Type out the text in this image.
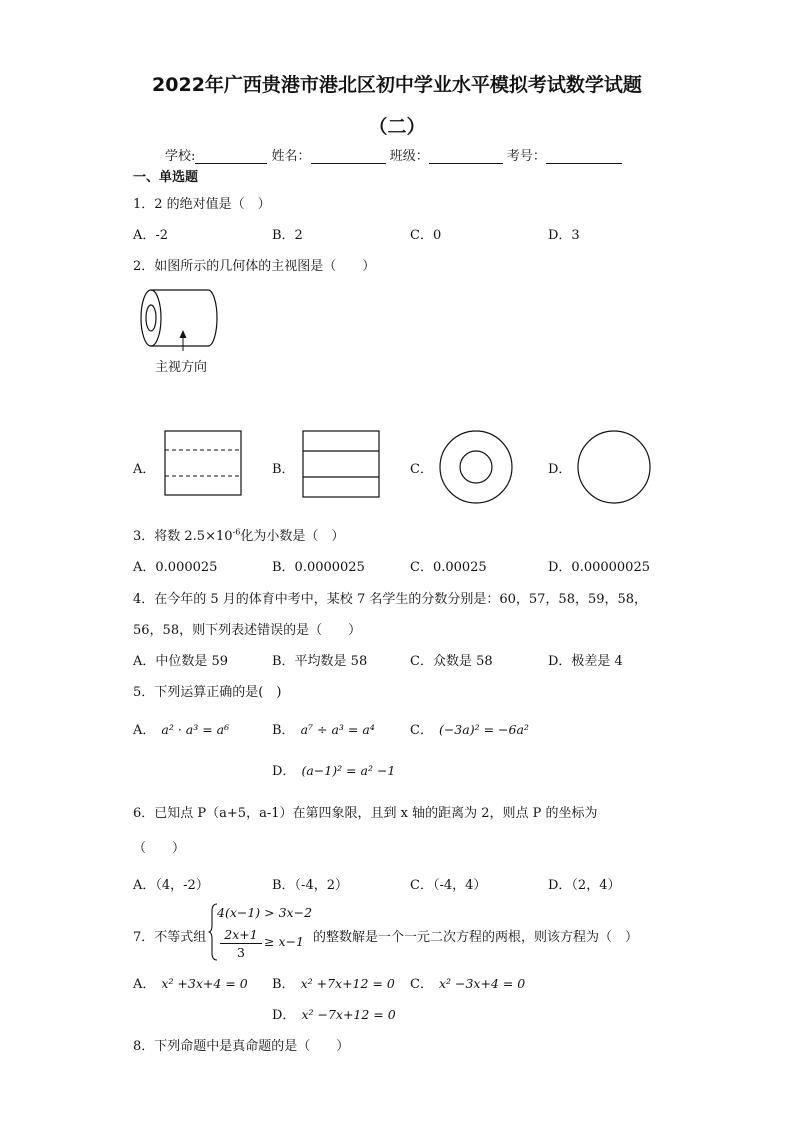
2022年广西贵港市港北区初中学业水平模拟考试数学试题
（二）
学校:	姓名：	班级：	考号：
一、单选题
1．2 的绝对值是（　）
A．-2	B．2	C．0	D．3
2．如图所示的几何体的主视图是（　　）
主视方向
A．	B．	C．	D．
3．将数 $2.5\times 10^{-6}$化为小数是（　）
A．0.000025	B．0.0000025	C．0.00025	D．0.00000025
4．在今年的 5 月的体育中考中，某校 7 名学生的分数分别是：60，57，58，59，58，
56，58，则下列表述错误的是（　　）
A．中位数是 59	B．平均数是 58	C．众数是 58	D．极差是 4
5．下列运算正确的是(　)
A． a² · a³ = a⁶	B． a⁷ ÷ a³ = a⁴	C． (−3a)² = −6a²
D． (a−1)² = a² −1
6．已知点 P（a+5，a-1）在第四象限，且到 x 轴的距离为 2，则点 P 的坐标为
（　　）
A．（4，-2）	B．（-4，2）	C．（-4，4）	D．（2，4）
7．不等式组
4(x−1) > 3x−2
2x+1
3
≥ x−1 的整数解是一个一元二次方程的两根，则该方程为（　）
A． x² +3x+4 = 0 B． x² +7x+12 = 0 C． x² −3x+4 = 0
D． x² −7x+12 = 0
8．下列命题中是真命题的是（　　）
